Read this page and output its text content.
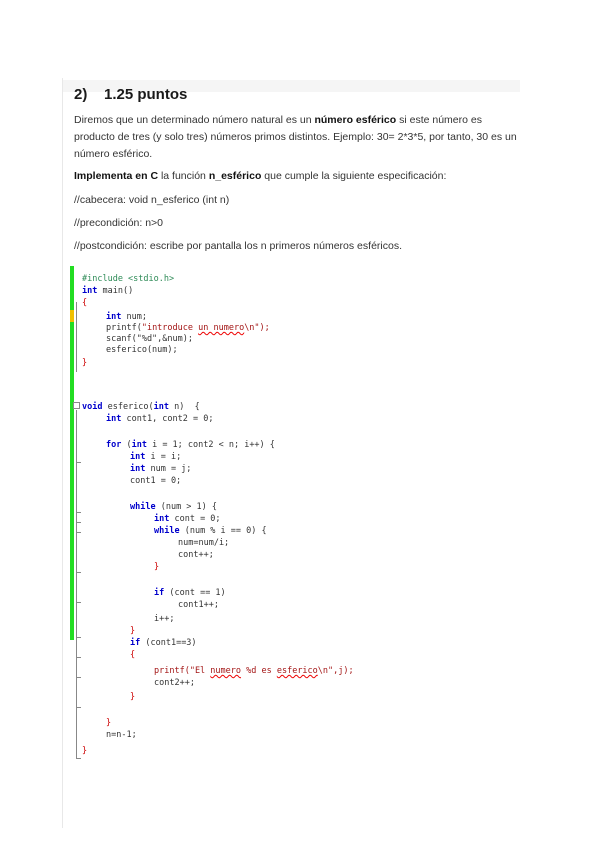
2) 1.25 puntos
Diremos que un determinado número natural es un número esférico si este número es producto de tres (y solo tres) números primos distintos. Ejemplo: 30= 2*3*5, por tanto, 30 es un número esférico.
Implementa en C la función n_esférico que cumple la siguiente especificación:
//cabecera: void n_esferico (int n)
//precondición: n>0
//postcondición: escribe por pantalla los n primeros números esféricos.
#include <stdio.h>
int main()
{
int num;
printf("introduce un numero\n");
scanf("%d",&num);
esferico(num);
}
void esferico(int n)  {
int cont1, cont2 = 0;
for (int i = 1; cont2 < n; i++) {
int i = i;
int num = j;
cont1 = 0;
while (num > 1) {
int cont = 0;
while (num % i == 0) {
num=num/i;
cont++;
}
if (cont == 1)
cont1++;
i++;
}
if (cont1==3)
{
printf("El numero %d es esferico\n",j);
cont2++;
}
}
n=n-1;
}
